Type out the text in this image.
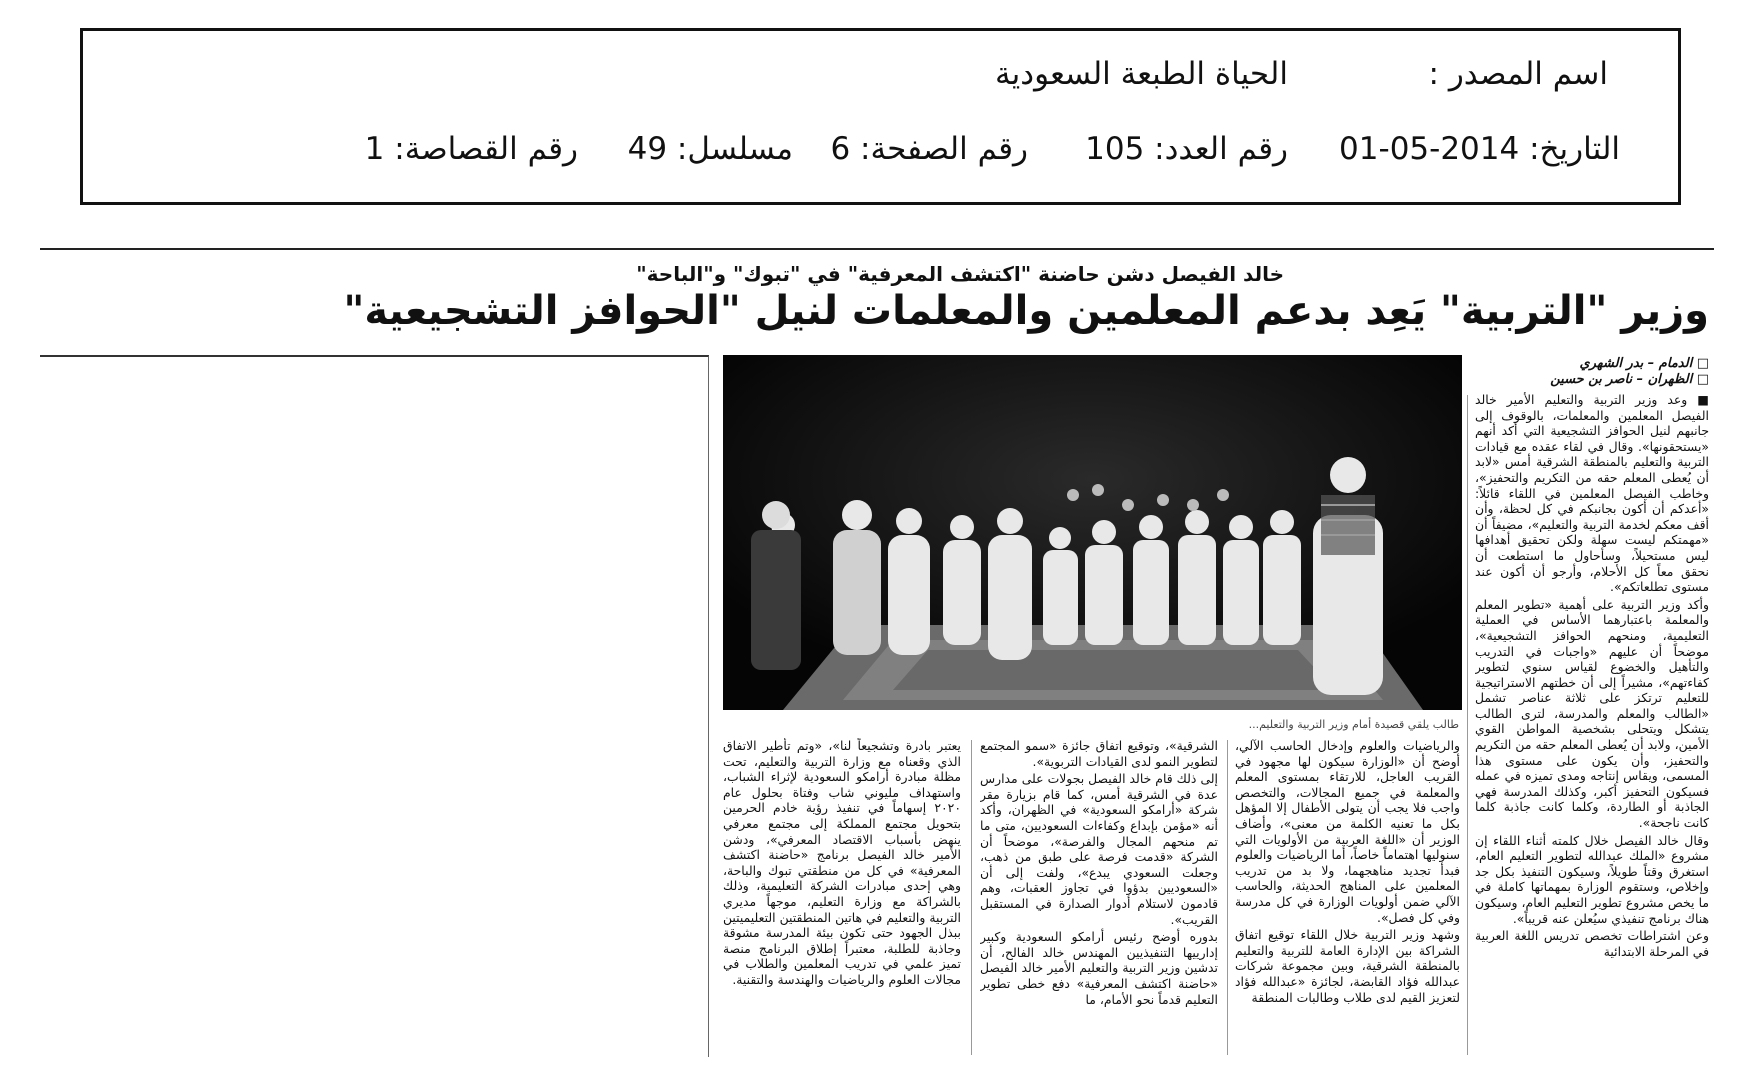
اسم المصدر :
الحياة الطبعة السعودية
التاريخ: 2014-05-01
رقم العدد: 105
رقم الصفحة: 6
مسلسل: 49
رقم القصاصة: 1
خالد الفيصل دشن حاضنة "اكتشف المعرفية" في "تبوك" و"الباحة"
وزير "التربية" يَعِد بدعم المعلمين والمعلمات لنيل "الحوافز التشجيعية"
طالب يلقي قصيدة أمام وزير التربية والتعليم...
□ الدمام – بدر الشهري
□ الظهران – ناصر بن حسين

■ وعد وزير التربية والتعليم الأمير خالد الفيصل المعلمين والمعلمات، بالوقوف إلى جانبهم لنيل الحوافز التشجيعية التي أكد أنهم «يستحقونها». وقال في لقاء عقده مع قيادات التربية والتعليم بالمنطقة الشرقية أمس «لابد أن يُعطى المعلم حقه من التكريم والتحفيز»، وخاطب الفيصل المعلمين في اللقاء قائلاً: «أعدكم أن أكون بجانبكم في كل لحظة، وأن أقف معكم لخدمة التربية والتعليم»، مضيفاً أن «مهمتكم ليست سهلة ولكن تحقيق أهدافها ليس مستحيلاً، وسأحاول ما استطعت أن نحقق معاً كل الأحلام، وأرجو أن أكون عند مستوى تطلعاتكم».

وأكد وزير التربية على أهمية «تطوير المعلم والمعلمة باعتبارهما الأساس في العملية التعليمية، ومنحهم الحوافز التشجيعية»، موضحاً أن عليهم «واجبات في التدريب والتأهيل والخضوع لقياس سنوي لتطوير كفاءتهم»، مشيراً إلى أن خطتهم الاستراتيجية للتعليم ترتكز على ثلاثة عناصر تشمل «الطالب والمعلم والمدرسة، لترى الطالب يتشكل ويتحلى بشخصية المواطن القوي الأمين، ولابد أن يُعطى المعلم حقه من التكريم والتحفيز، وأن يكون على مستوى هذا المسمى، ويقاس إنتاجه ومدى تميزه في عمله فسيكون التحفيز أكبر، وكذلك المدرسة فهي الجاذبة أو الطاردة، وكلما كانت جاذبة كلما كانت ناجحة».

وقال خالد الفيصل خلال كلمته أثناء اللقاء إن مشروع «الملك عبدالله لتطوير التعليم العام، استغرق وقتاً طويلاً، وسيكون التنفيذ بكل جد وإخلاص، وستقوم الوزارة بمهماتها كاملة في ما يخص مشروع تطوير التعليم العام، وسيكون هناك برنامج تنفيذي سيُعلن عنه قريباً».

وعن اشتراطات تخصص تدريس اللغة العربية في المرحلة الابتدائية

والرياضيات والعلوم وإدخال الحاسب الآلي، أوضح أن «الوزارة سيكون لها مجهود في القريب العاجل، للارتقاء بمستوى المعلم والمعلمة في جميع المجالات، والتخصص واجب فلا يجب أن يتولى الأطفال إلا المؤهل بكل ما تعنيه الكلمة من معنى»، وأضاف الوزير أن «اللغة العربية من الأولويات التي سنوليها اهتماماً خاصاً، أما الرياضيات والعلوم فبدأ تجديد مناهجهما، ولا بد من تدريب المعلمين على المناهج الحديثة، والحاسب الآلي ضمن أولويات الوزارة في كل مدرسة وفي كل فصل».

وشهد وزير التربية خلال اللقاء توقيع اتفاق الشراكة بين الإدارة العامة للتربية والتعليم بالمنطقة الشرقية، وبين مجموعة شركات عبدالله فؤاد القابضة، لجائزة «عبدالله فؤاد لتعزيز القيم لدى طلاب وطالبات المنطقة

الشرقية»، وتوقيع اتفاق جائزة «سمو المجتمع لتطوير النمو لدى القيادات التربوية».

إلى ذلك قام خالد الفيصل بجولات على مدارس عدة في الشرقية أمس، كما قام بزيارة مقر شركة «أرامكو السعودية» في الظهران، وأكد أنه «مؤمن بإبداع وكفاءات السعوديين، متى ما تم منحهم المجال والفرصة»، موضحاً أن الشركة «قدمت فرصة على طبق من ذهب، وجعلت السعودي يبدع»، ولفت إلى أن «السعوديين بدؤوا في تجاوز العقبات، وهم قادمون لاستلام أدوار الصدارة في المستقبل القريب».

بدوره أوضح رئيس أرامكو السعودية وكبير إدارييها التنفيذيين المهندس خالد الفالح، أن تدشين وزير التربية والتعليم الأمير خالد الفيصل «حاضنة اكتشف المعرفية» دفع خطى تطوير التعليم قدماً نحو الأمام، ما

يعتبر بادرة وتشجيعاً لنا»، «وتم تأطير الاتفاق الذي وقعناه مع وزارة التربية والتعليم، تحت مظلة مبادرة أرامكو السعودية لإثراء الشباب، واستهداف مليوني شاب وفتاة بحلول عام ٢٠٢٠ إسهاماً في تنفيذ رؤية خادم الحرمين بتحويل مجتمع المملكة إلى مجتمع معرفي ينهض بأسباب الاقتصاد المعرفي»، ودشن الأمير خالد الفيصل برنامج «حاضنة اكتشف المعرفية» في كل من منطقتي تبوك والباحة، وهي إحدى مبادرات الشركة التعليمية، وذلك بالشراكة مع وزارة التعليم، موجهاً مديري التربية والتعليم في هاتين المنطقتين التعليميتين ببذل الجهود حتى تكون بيئة المدرسة مشوقة وجاذبة للطلبة، معتبراً إطلاق البرنامج منصة تميز علمي في تدريب المعلمين والطلاب في مجالات العلوم والرياضيات والهندسة والتقنية.
